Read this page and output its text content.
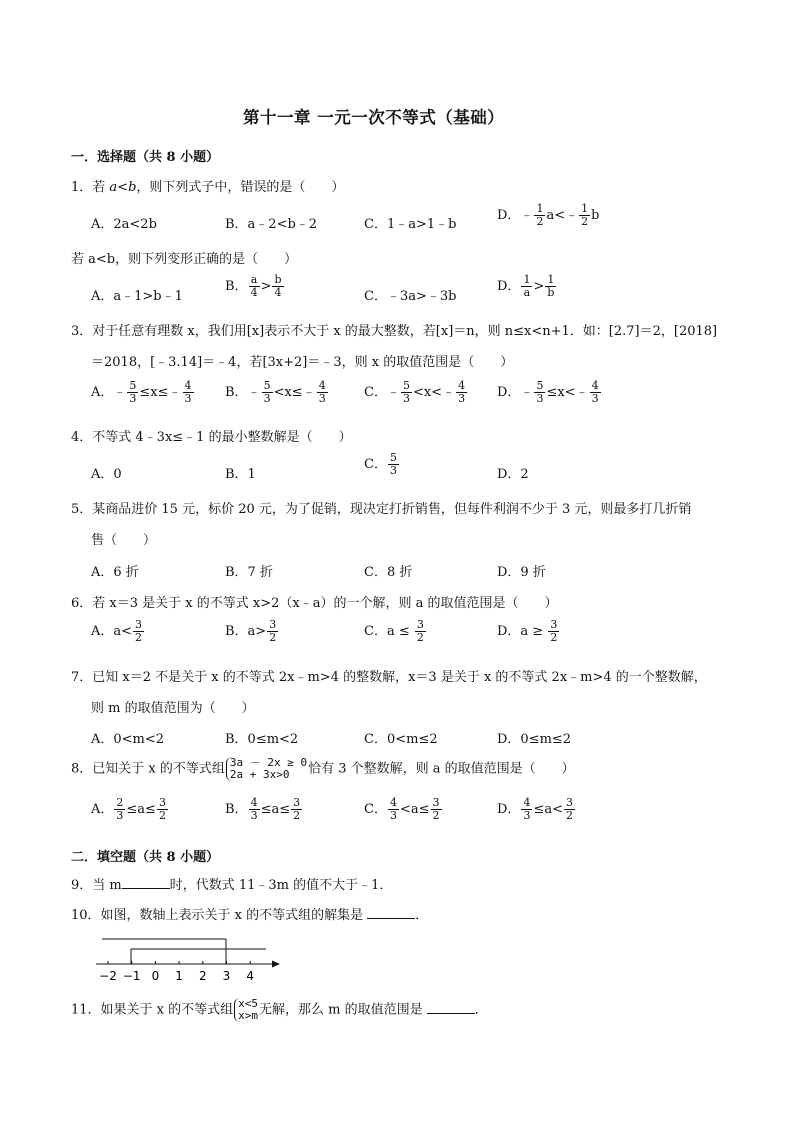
第十一章 一元一次不等式（基础）
一．选择题（共 8 小题）
1．若 a<b，则下列式子中，错误的是（　　）
A．2a<2b	B．a﹣2<b﹣2	C．1﹣a>1﹣b
D．﹣ $\frac{1}{2}$ a<﹣ $\frac{1}{2}$ b
若 a<b，则下列变形正确的是（　　）
A．a﹣1>b﹣1
B． $\frac{a}{4} > \frac{b}{4}$	C．﹣3a>﹣3b
D． $\frac{1}{a} > \frac{1}{b}$
3．对于任意有理数 x，我们用[x]表示不大于 x 的最大整数，若[x]＝n，则 n≤x<n+1．如：[2.7]＝2，[2018]
＝2018，[﹣3.14]＝﹣4，若[3x+2]＝﹣3，则 x 的取值范围是（　　）
A．﹣ $\frac{5}{3}$ ≤x≤﹣ $\frac{4}{3}$ B．﹣ $\frac{5}{3}$ <x≤﹣ $\frac{4}{3}$	C．﹣ $\frac{5}{3}$ <x<﹣ $\frac{4}{3}$ D．﹣ $\frac{5}{3}$ ≤x<﹣ $\frac{4}{3}$
4．不等式 4﹣3x≤﹣1 的最小整数解是（　　）
A．0	B．1
C． $\frac{5}{3}$	D．2
5．某商品进价 15 元，标价 20 元，为了促销，现决定打折销售，但每件利润不少于 3 元，则最多打几折销
售（　　）
A．6 折	B．7 折	C．8 折	D．9 折
6．若 x＝3 是关于 x 的不等式 x>2（x﹣a）的一个解，则 a 的取值范围是（　　）
A．$a< \frac{3}{2}$	B．$a> \frac{3}{2}$	C．$a \le \frac{3}{2}$	D．$a \ge \frac{3}{2}$
7．已知 x＝2 不是关于 x 的不等式 2x﹣m>4 的整数解，x＝3 是关于 x 的不等式 2x﹣m>4 的一个整数解，
则 m 的取值范围为（　　）
A．0<m<2	B．0≤m<2	C．0<m≤2	D．0≤m≤2
8．已知关于 x 的不等式组 3a － 2x ≥ 0
2a + 3x>0	恰有 3 个整数解，则 a 的取值范围是（　　）
A． $\frac{2}{3} \le a\le \frac{3}{2}$	B． $\frac{4}{3} \le a\le \frac{3}{2}$	C． $\frac{4}{3} <a\le \frac{3}{2}$	D． $\frac{4}{3} \le a< \frac{3}{2}$
二．填空题（共 8 小题）
9．当 m	时，代数式 11﹣3m 的值不大于﹣1．
10．如图，数轴上表示关于 x 的不等式组的解集是	．
−2 −1 0 1 2 3 4
11．如果关于 x 的不等式组 x<5
x>m 无解，那么 m 的取值范围是	．
